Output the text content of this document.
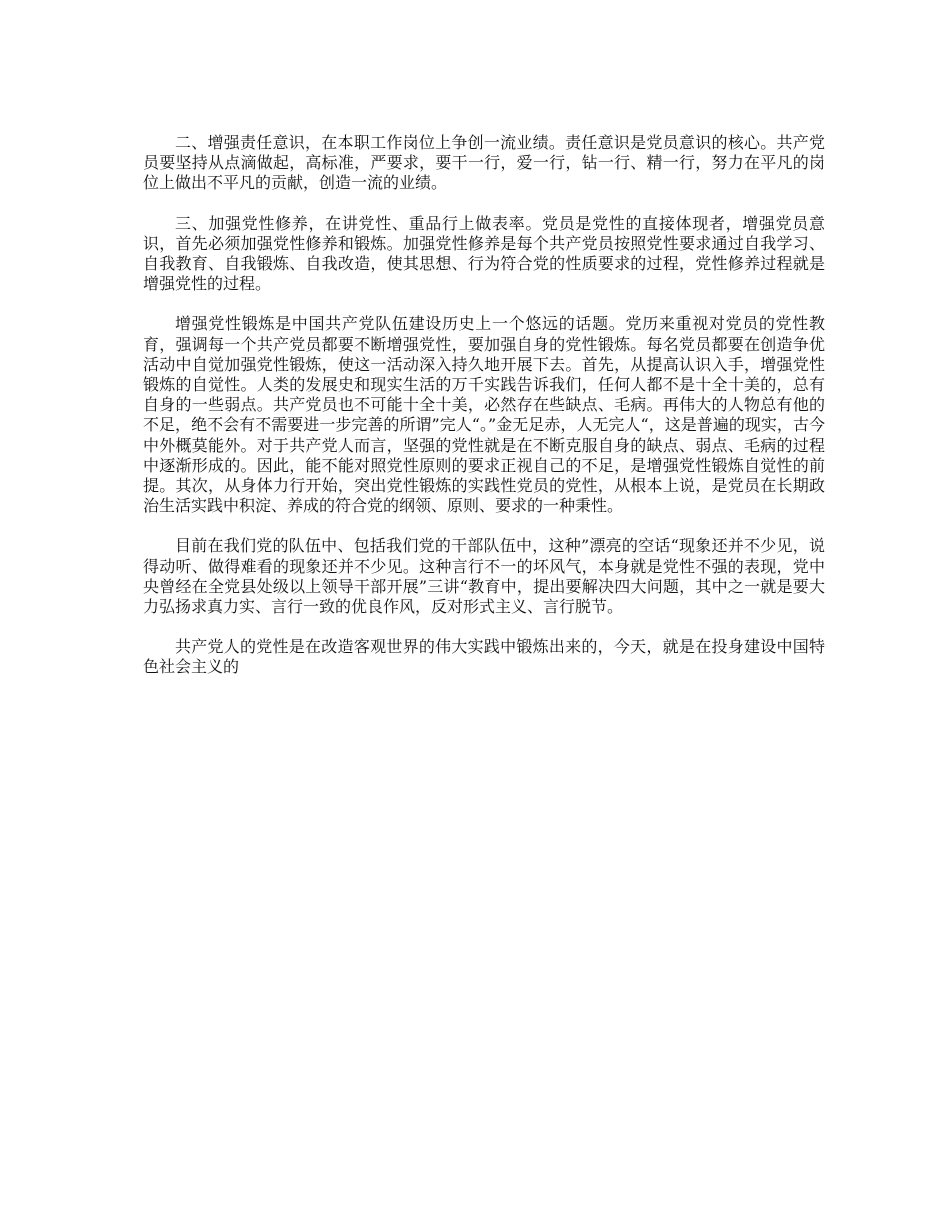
二、增强责任意识，在本职工作岗位上争创一流业绩。责任意识是党员意识的核心。共产党员要坚持从点滴做起，高标准，严要求，要干一行，爱一行，钻一行、精一行，努力在平凡的岗位上做出不平凡的贡献，创造一流的业绩。

三、加强党性修养，在讲党性、重品行上做表率。党员是党性的直接体现者，增强党员意识，首先必须加强党性修养和锻炼。加强党性修养是每个共产党员按照党性要求通过自我学习、自我教育、自我锻炼、自我改造，使其思想、行为符合党的性质要求的过程，党性修养过程就是增强党性的过程。

增强党性锻炼是中国共产党队伍建设历史上一个悠远的话题。党历来重视对党员的党性教育，强调每一个共产党员都要不断增强党性，要加强自身的党性锻炼。每名党员都要在创造争优活动中自觉加强党性锻炼，使这一活动深入持久地开展下去。首先，从提高认识入手，增强党性锻炼的自觉性。人类的发展史和现实生活的万千实践告诉我们，任何人都不是十全十美的，总有自身的一些弱点。共产党员也不可能十全十美，必然存在些缺点、毛病。再伟大的人物总有他的不足，绝不会有不需要进一步完善的所谓”完人“。”金无足赤，人无完人“，这是普遍的现实，古今中外概莫能外。对于共产党人而言，坚强的党性就是在不断克服自身的缺点、弱点、毛病的过程中逐渐形成的。因此，能不能对照党性原则的要求正视自己的不足，是增强党性锻炼自觉性的前提。其次，从身体力行开始，突出党性锻炼的实践性党员的党性，从根本上说，是党员在长期政治生活实践中积淀、养成的符合党的纲领、原则、要求的一种秉性。

目前在我们党的队伍中、包括我们党的干部队伍中，这种”漂亮的空话“现象还并不少见，说得动听、做得难看的现象还并不少见。这种言行不一的坏风气，本身就是党性不强的表现，党中央曾经在全党县处级以上领导干部开展”三讲“教育中，提出要解决四大问题，其中之一就是要大力弘扬求真力实、言行一致的优良作风，反对形式主义、言行脱节。

共产党人的党性是在改造客观世界的伟大实践中锻炼出来的，今天，就是在投身建设中国特色社会主义的
